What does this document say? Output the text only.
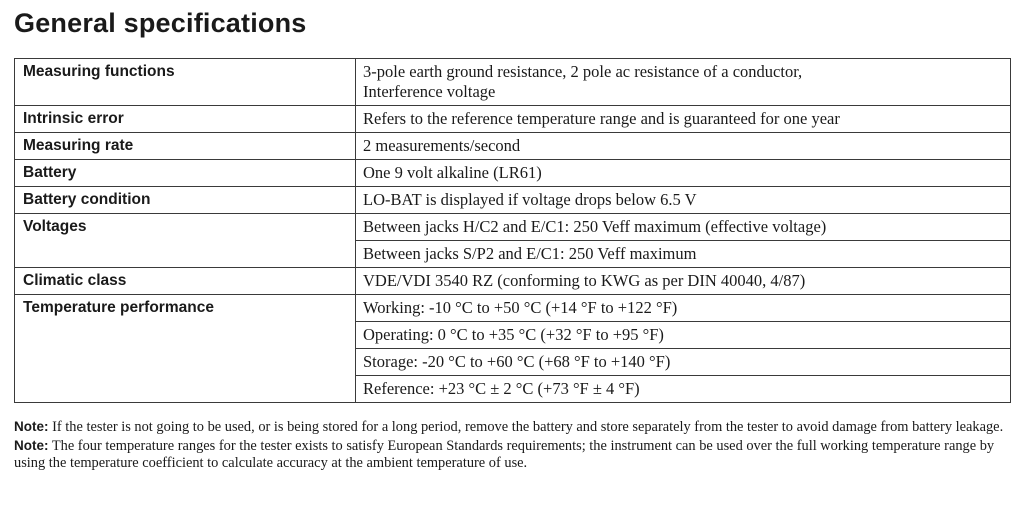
General specifications
Measuring functions	3-pole earth ground resistance, 2 pole ac resistance of a conductor,
Interference voltage

Intrinsic error	Refers to the reference temperature range and is guaranteed for one year
Measuring rate	2 measurements/second
Battery	One 9 volt alkaline (LR61)
Battery condition	LO-BAT is displayed if voltage drops below 6.5 V
Voltages	Between jacks H/C2 and E/C1: 250 Veff maximum (effective voltage)
	Between jacks S/P2 and E/C1: 250 Veff maximum
Climatic class	VDE/VDI 3540 RZ (conforming to KWG as per DIN 40040, 4/87)
Temperature performance	Working: -10 °C to +50 °C (+14 °F to +122 °F)
	Operating: 0 °C to +35 °C (+32 °F to +95 °F)
	Storage: -20 °C to +60 °C (+68 °F to +140 °F)
	Reference: +23 °C ± 2 °C (+73 °F ± 4 °F)

Note: If the tester is not going to be used, or is being stored for a long period, remove the battery and store separately from the tester to avoid damage from battery leakage.

Note: The four temperature ranges for the tester exists to satisfy European Standards requirements; the instrument can be used over the full working temperature range by using the temperature coefficient to calculate accuracy at the ambient temperature of use.
